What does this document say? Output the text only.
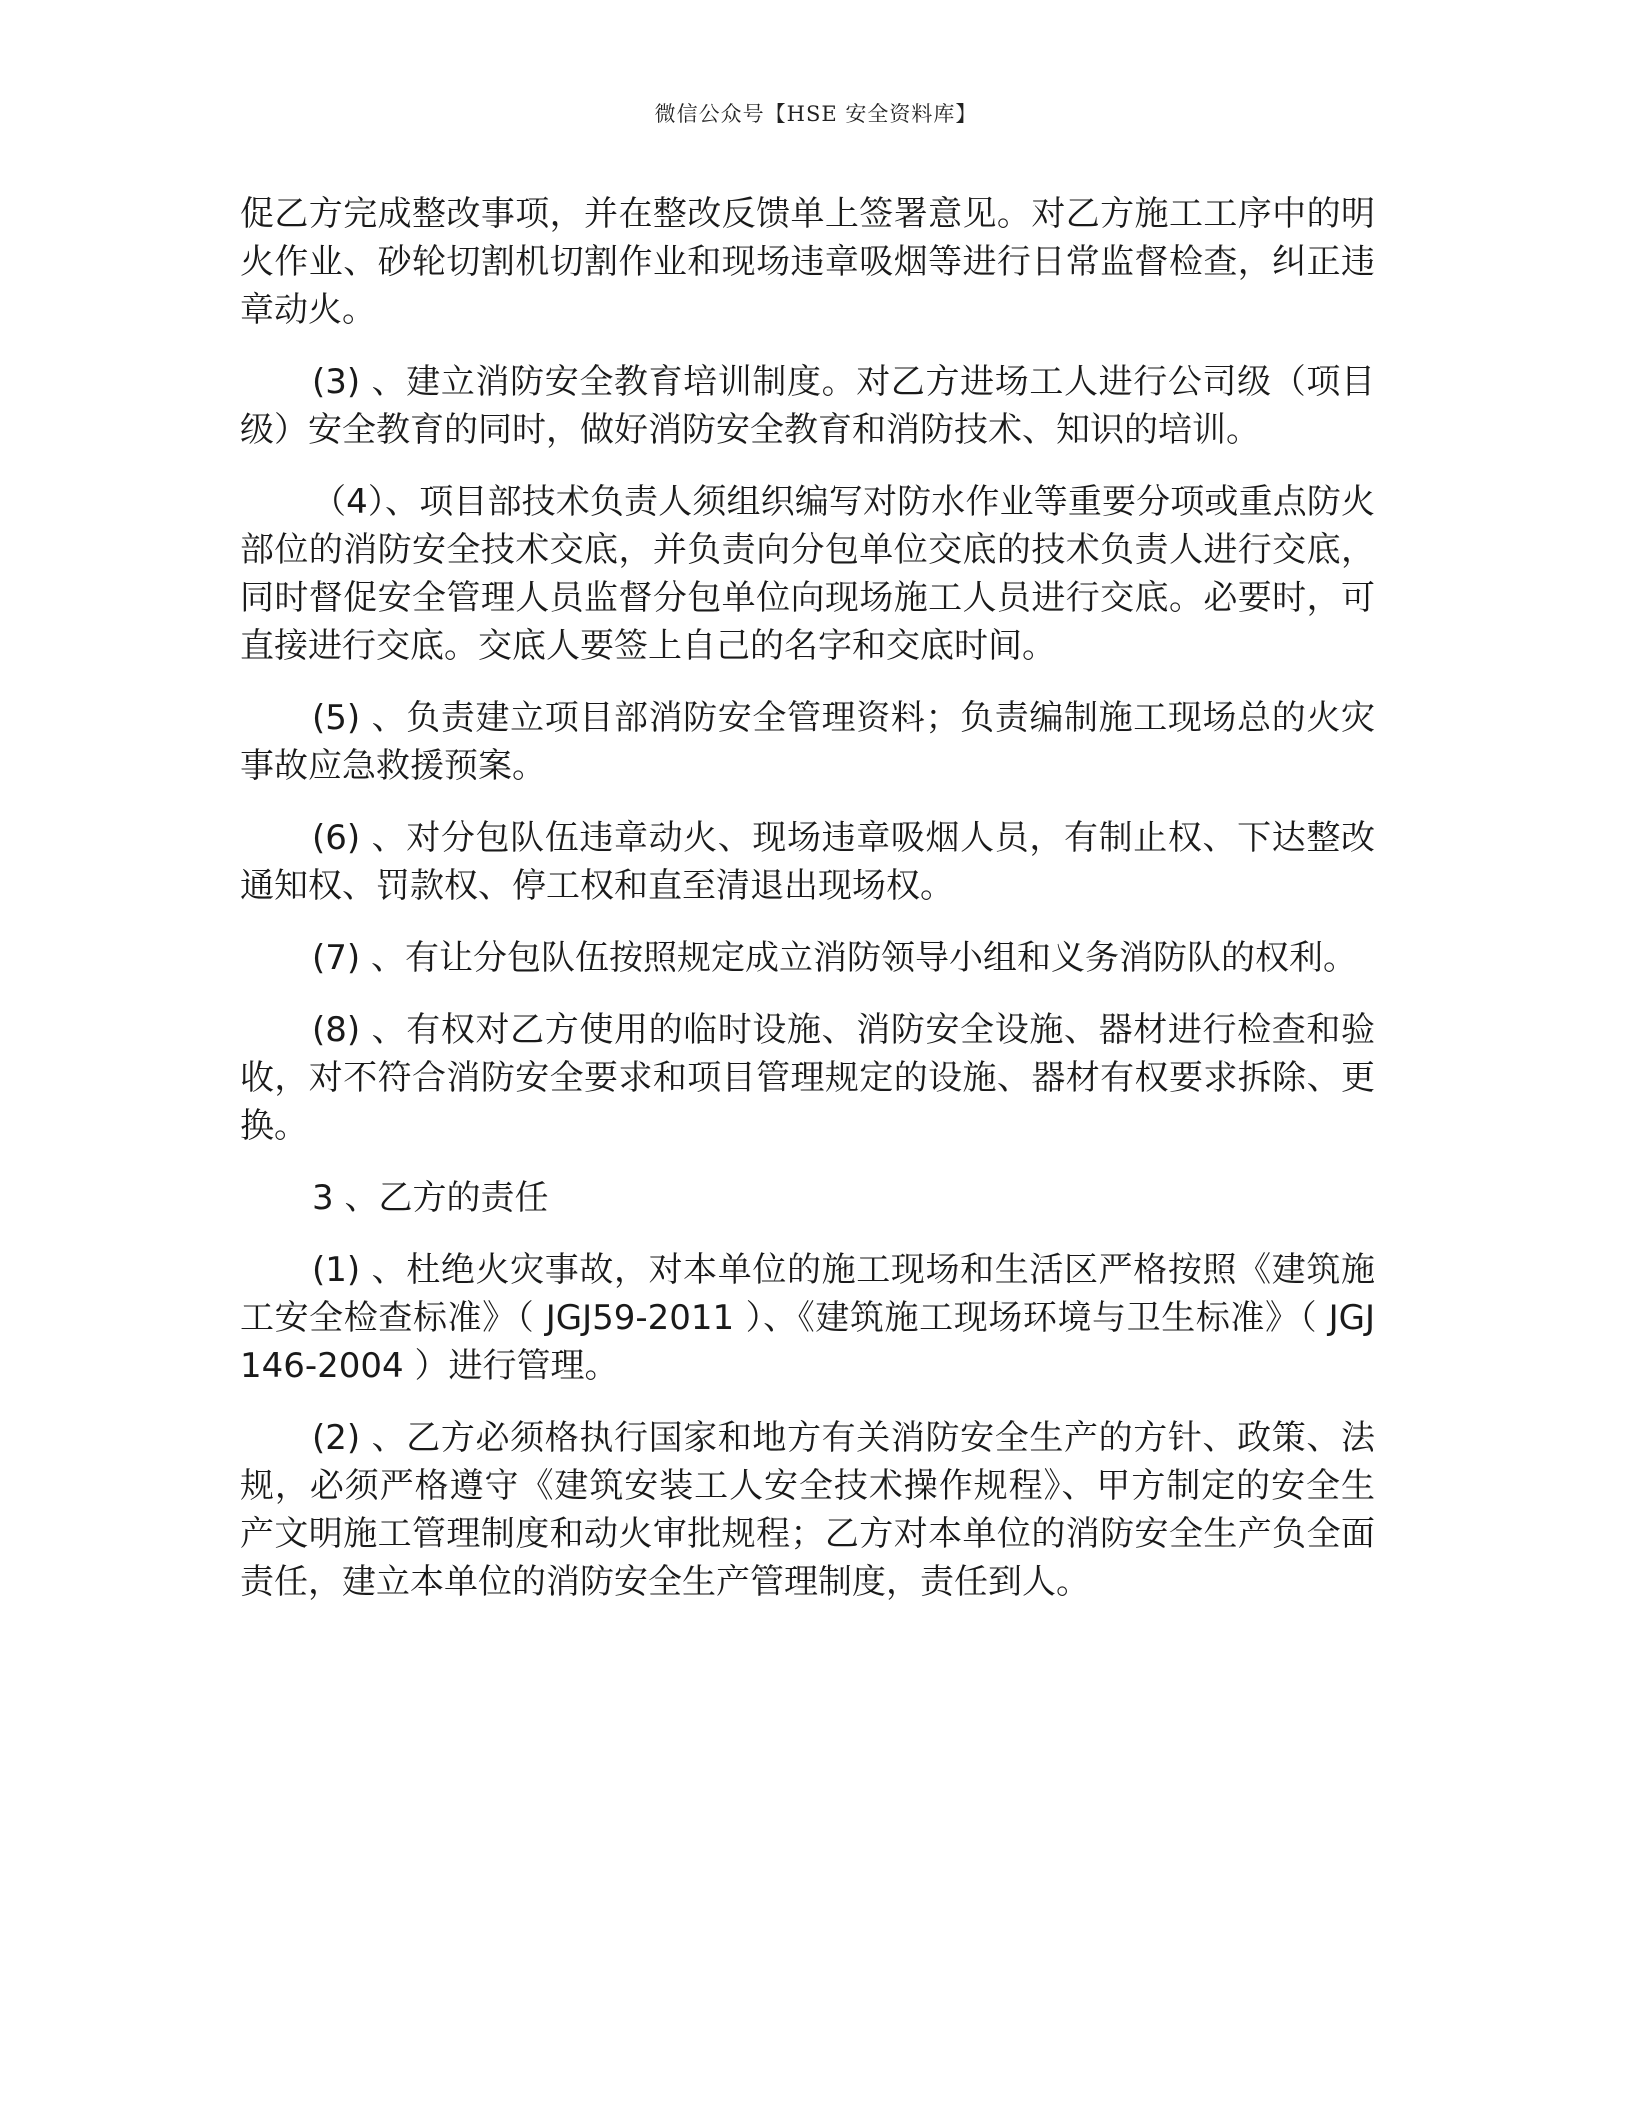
微信公众号【HSE 安全资料库】

促乙方完成整改事项，并在整改反馈单上签署意见。对乙方施工工序中的明火作业、砂轮切割机切割作业和现场违章吸烟等进行日常监督检查，纠正违章动火。

(3) 、建立消防安全教育培训制度。对乙方进场工人进行公司级（项目级）安全教育的同时，做好消防安全教育和消防技术、知识的培训。

（4）、项目部技术负责人须组织编写对防水作业等重要分项或重点防火部位的消防安全技术交底，并负责向分包单位交底的技术负责人进行交底，同时督促安全管理人员监督分包单位向现场施工人员进行交底。必要时，可直接进行交底。交底人要签上自己的名字和交底时间。

(5) 、负责建立项目部消防安全管理资料；负责编制施工现场总的火灾事故应急救援预案。

(6) 、对分包队伍违章动火、现场违章吸烟人员，有制止权、下达整改通知权、罚款权、停工权和直至清退出现场权。

(7) 、有让分包队伍按照规定成立消防领导小组和义务消防队的权利。

(8) 、有权对乙方使用的临时设施、消防安全设施、器材进行检查和验收，对不符合消防安全要求和项目管理规定的设施、器材有权要求拆除、更换。

3 、乙方的责任

(1) 、杜绝火灾事故，对本单位的施工现场和生活区严格按照《建筑施工安全检查标准》（ JGJ59-2011 ）、《建筑施工现场环境与卫生标准》（ JGJ146-2004 ）进行管理。

(2) 、乙方必须格执行国家和地方有关消防安全生产的方针、政策、法规，必须严格遵守《建筑安装工人安全技术操作规程》、甲方制定的安全生产文明施工管理制度和动火审批规程；乙方对本单位的消防安全生产负全面责任，建立本单位的消防安全生产管理制度，责任到人。
